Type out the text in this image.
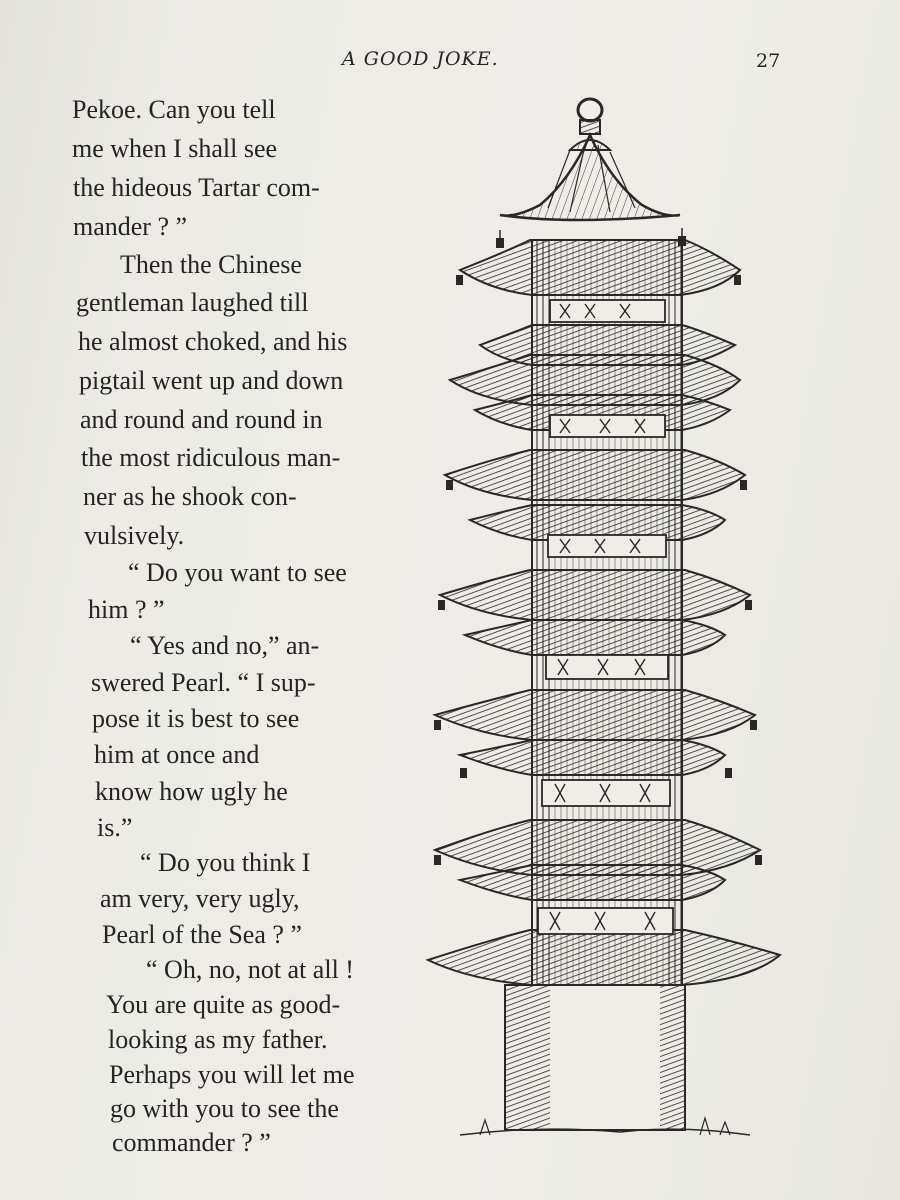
A GOOD JOKE.	27
Pekoe. Can you tell
me when I shall see
the hideous Tartar com-
mander ? ”
Then the Chinese
gentleman laughed till
he almost choked, and his
pigtail went up and down
and round and round in
the most ridiculous man-
ner as he shook con-
vulsively.
“ Do you want to see
him ? ”
“ Yes and no,” an-
swered Pearl. “ I sup-
pose it is best to see
him at once and
know how ugly he
is.”
“ Do you think I
am very, very ugly,
Pearl of the Sea ? ”
“ Oh, no, not at all !
You are quite as good-
looking as my father.
Perhaps you will let me
go with you to see the
commander ? ”
